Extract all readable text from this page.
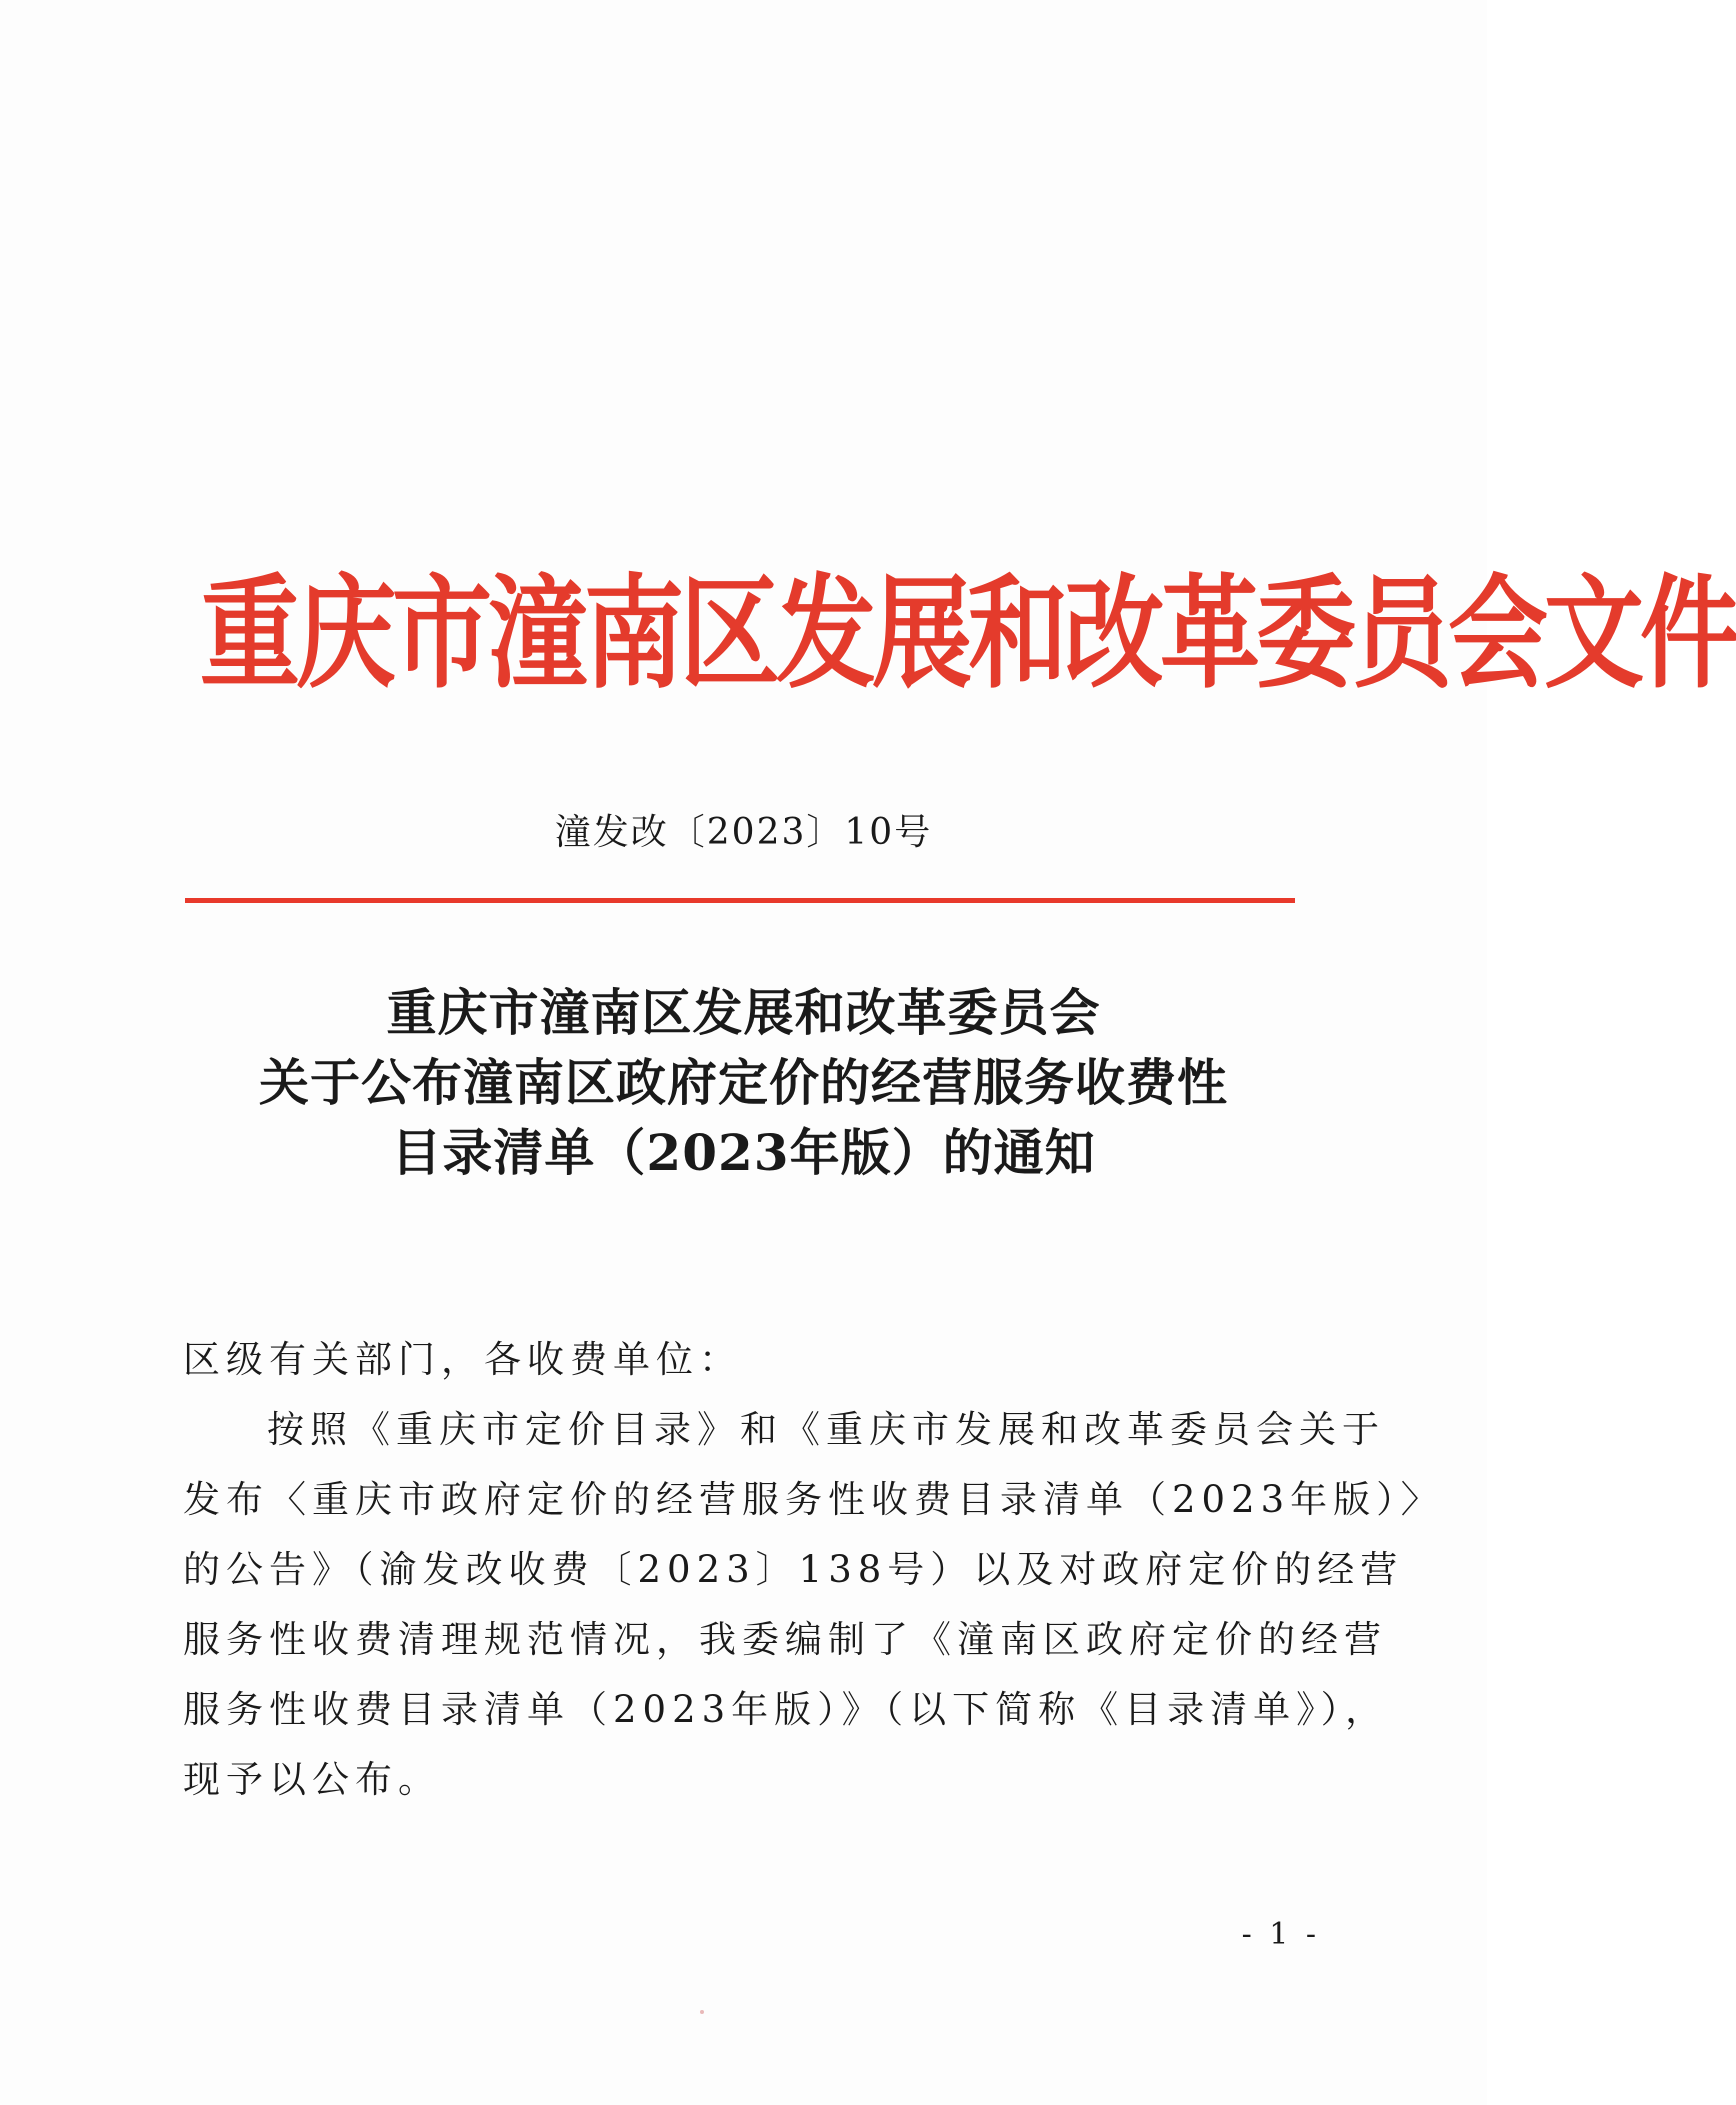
重庆市潼南区发展和改革委员会文件
潼发改〔2023〕10号
重庆市潼南区发展和改革委员会
关于公布潼南区政府定价的经营服务收费性
目录清单（2023年版）的通知
区级有关部门，各收费单位：
按照《重庆市定价目录》和《重庆市发展和改革委员会关于
发布〈重庆市政府定价的经营服务性收费目录清单（2023年版）〉
的公告》（渝发改收费〔2023〕138号）以及对政府定价的经营
服务性收费清理规范情况，我委编制了《潼南区政府定价的经营
服务性收费目录清单（2023年版）》（以下简称《目录清单》），
现予以公布。
- 1 -
